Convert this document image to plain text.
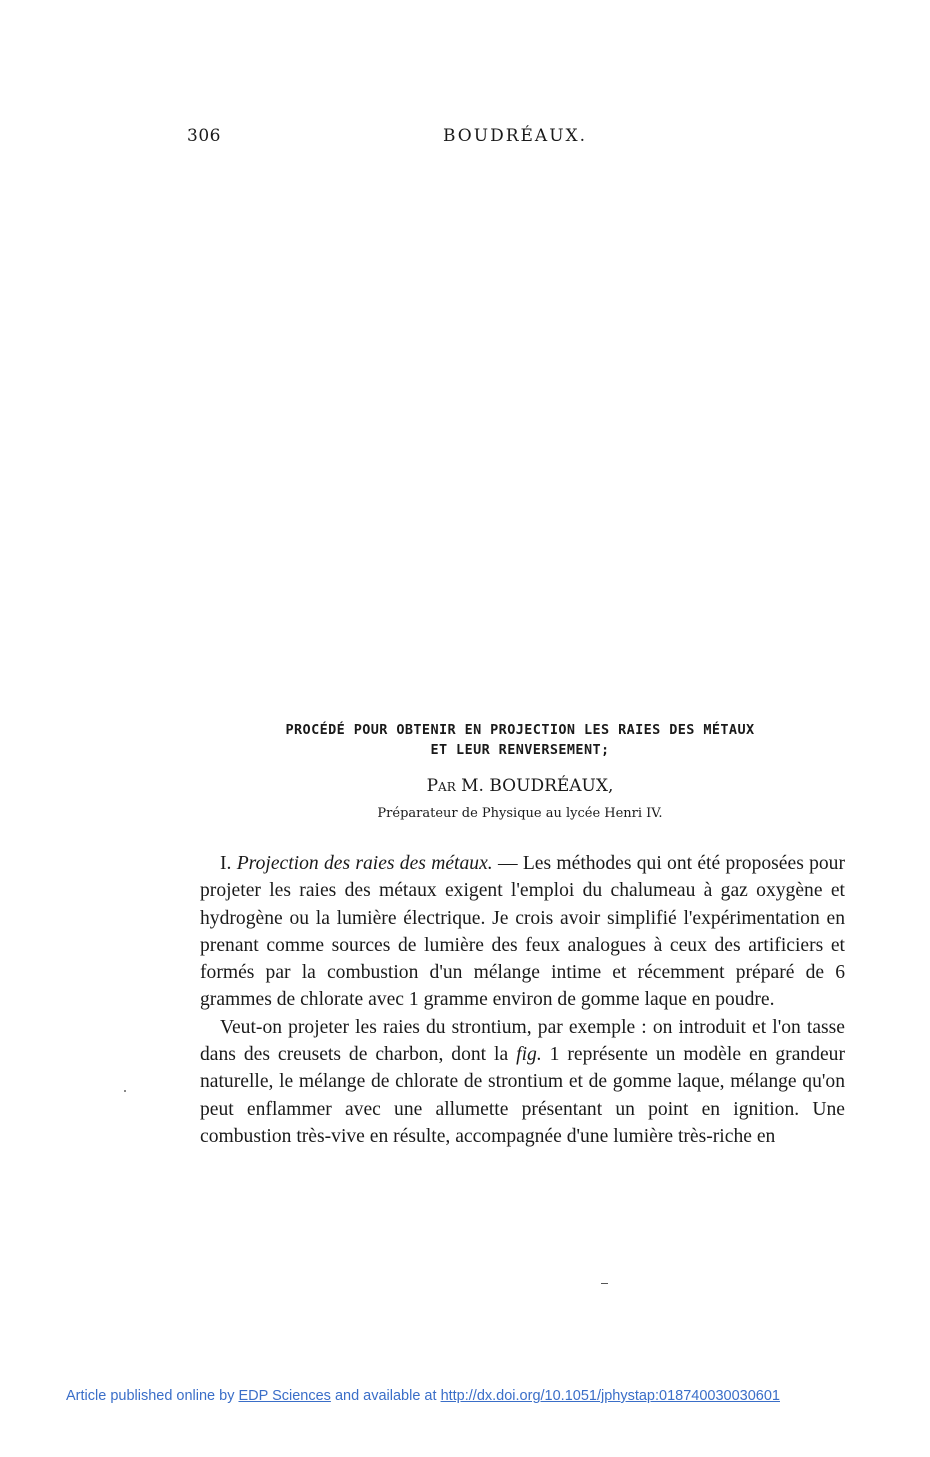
306	BOUDRÉAUX.
PROCÉDÉ POUR OBTENIR EN PROJECTION LES RAIES DES MÉTAUX
ET LEUR RENVERSEMENT;
Par M. BOUDRÉAUX,
Préparateur de Physique au lycée Henri IV.

I. Projection des raies des métaux. — Les méthodes qui ont été proposées pour projeter les raies des métaux exigent l'emploi du chalumeau à gaz oxygène et hydrogène ou la lumière électrique. Je crois avoir simplifié l'expérimentation en prenant comme sources de lumière des feux analogues à ceux des artificiers et formés par la combustion d'un mélange intime et récemment préparé de 6 grammes de chlorate avec 1 gramme environ de gomme laque en poudre.

Veut-on projeter les raies du strontium, par exemple : on introduit et l'on tasse dans des creusets de charbon, dont la fig. 1 représente un modèle en grandeur naturelle, le mélange de chlorate de strontium et de gomme laque, mélange qu'on peut enflammer avec une allumette présentant un point en ignition. Une combustion très-vive en résulte, accompagnée d'une lumière très-riche en

Article published online by EDP Sciences and available at http://dx.doi.org/10.1051/jphystap:018740030030601
